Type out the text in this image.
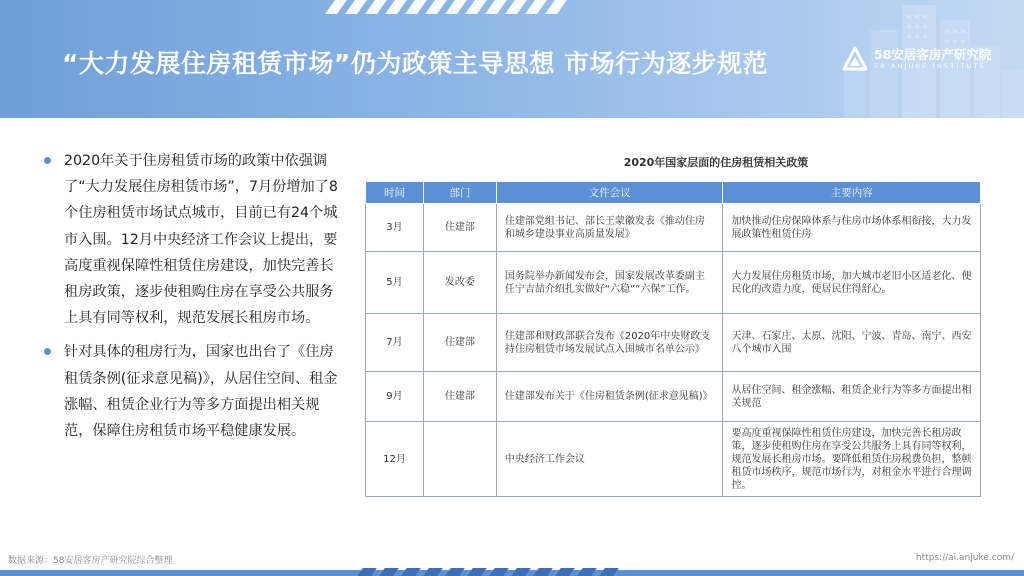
“大力发展住房租赁市场”仍为政策主导思想 市场行为逐步规范	58安居客房产研究院
58 ANJUKE INSTITUTE
2020年关于住房租赁市场的政策中依强调了“大力发展住房租赁市场”，7月份增加了8个住房租赁市场试点城市，目前已有24个城市入围。12月中央经济工作会议上提出，要高度重视保障性租赁住房建设，加快完善长租房政策，逐步使租购住房在享受公共服务上具有同等权利，规范发展长租房市场。
针对具体的租房行为，国家也出台了《住房租赁条例(征求意见稿)》，从居住空间、租金涨幅、租赁企业行为等多方面提出相关规范，保障住房租赁市场平稳健康发展。
2020年国家层面的住房租赁相关政策
时间	部门	文件会议	主要内容
3月	住建部	住建部党组书记、部长王蒙徽发表《推动住房和城乡建设事业高质量发展》	加快推动住房保障体系与住房市场体系相衔接，大力发展政策性租赁住房
5月	发改委	国务院举办新闻发布会，国家发展改革委副主任宁吉喆介绍扎实做好“六稳”“六保”工作。	大力发展住房租赁市场，加大城市老旧小区适老化、便民化的改造力度，使居民住得舒心。
7月	住建部	住建部和财政部联合发布《2020年中央财政支持住房租赁市场发展试点入围城市名单公示》	天津、石家庄、太原、沈阳、宁波、青岛、南宁、西安八个城市入围
9月	住建部	住建部发布关于《住房租赁条例(征求意见稿)》	从居住空间、租金涨幅、租赁企业行为等多方面提出相关规范
12月		中央经济工作会议	要高度重视保障性租赁住房建设，加快完善长租房政策，逐步使租购住房在享受公共服务上具有同等权利，规范发展长租房市场。要降低租赁住房税费负担，整顿租赁市场秩序，规范市场行为，对租金水平进行合理调控。
数据来源：58安居客房产研究院综合整理	https://ai.anjuke.com/
